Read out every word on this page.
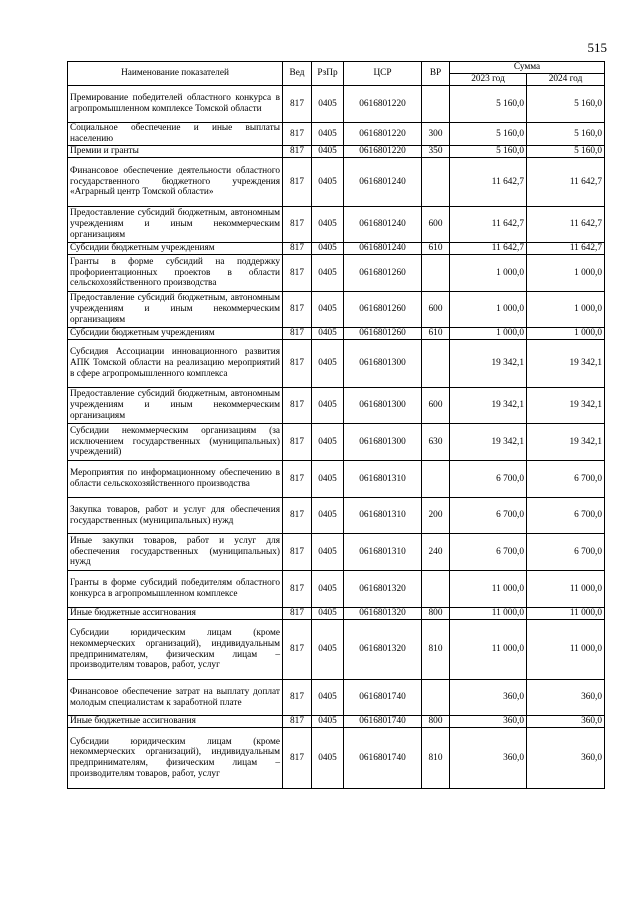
515
Наименование показателей	Вед	РзПр	ЦСР	ВР	Сумма	
					2023 год	2024 год
Премирование победителей областного конкурса в агропромышленном комплексе Томской области	817	0405	0616801220		5 160,0	5 160,0
Социальное обеспечение и иные выплаты населению	817	0405	0616801220	300	5 160,0	5 160,0
Премии и гранты	817	0405	0616801220	350	5 160,0	5 160,0
Финансовое обеспечение деятельности областного государственного бюджетного учреждения «Аграрный центр Томской области»	817	0405	0616801240		11 642,7	11 642,7
Предоставление субсидий бюджетным, автономным учреждениям и иным некоммерческим организациям	817	0405	0616801240	600	11 642,7	11 642,7
Субсидии бюджетным учреждениям	817	0405	0616801240	610	11 642,7	11 642,7
Гранты в форме субсидий на поддержку профориентационных проектов в области сельскохозяйственного производства	817	0405	0616801260		1 000,0	1 000,0
Предоставление субсидий бюджетным, автономным учреждениям и иным некоммерческим организациям	817	0405	0616801260	600	1 000,0	1 000,0
Субсидии бюджетным учреждениям	817	0405	0616801260	610	1 000,0	1 000,0
Субсидия Ассоциации инновационного развития АПК Томской области на реализацию мероприятий в сфере агропромышленного комплекса	817	0405	0616801300		19 342,1	19 342,1
Предоставление субсидий бюджетным, автономным учреждениям и иным некоммерческим организациям	817	0405	0616801300	600	19 342,1	19 342,1
Субсидии некоммерческим организациям (за исключением государственных (муниципальных) учреждений)	817	0405	0616801300	630	19 342,1	19 342,1
Мероприятия по информационному обеспечению в области сельскохозяйственного производства	817	0405	0616801310		6 700,0	6 700,0
Закупка товаров, работ и услуг для обеспечения государственных (муниципальных) нужд	817	0405	0616801310	200	6 700,0	6 700,0
Иные закупки товаров, работ и услуг для обеспечения государственных (муниципальных) нужд	817	0405	0616801310	240	6 700,0	6 700,0
Гранты в форме субсидий победителям областного конкурса в агропромышленном комплексе	817	0405	0616801320		11 000,0	11 000,0
Иные бюджетные ассигнования	817	0405	0616801320	800	11 000,0	11 000,0
Субсидии юридическим лицам (кроме некоммерческих организаций), индивидуальным предпринимателям, физическим лицам – производителям товаров, работ, услуг	817	0405	0616801320	810	11 000,0	11 000,0
Финансовое обеспечение затрат на выплату доплат молодым специалистам к заработной плате	817	0405	0616801740		360,0	360,0
Иные бюджетные ассигнования	817	0405	0616801740	800	360,0	360,0
Субсидии юридическим лицам (кроме некоммерческих организаций), индивидуальным предпринимателям, физическим лицам – производителям товаров, работ, услуг	817	0405	0616801740	810	360,0	360,0
